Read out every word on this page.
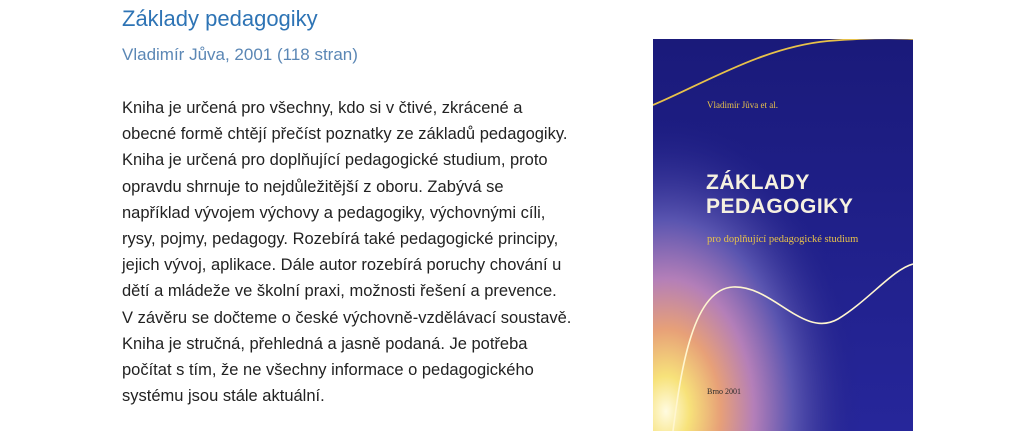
Základy pedagogiky
Vladimír Jůva, 2001 (118 stran)
Kniha je určená pro všechny, kdo si v čtivé, zkrácené a
obecné formě chtějí přečíst poznatky ze základů pedagogiky.
Kniha je určená pro doplňující pedagogické studium, proto
opravdu shrnuje to nejdůležitější z oboru. Zabývá se
například vývojem výchovy a pedagogiky, výchovnými cíli,
rysy, pojmy, pedagogy. Rozebírá také pedagogické principy,
jejich vývoj, aplikace. Dále autor rozebírá poruchy chování u
dětí a mládeže ve školní praxi, možnosti řešení a prevence.
V závěru se dočteme o české výchovně-vzdělávací soustavě.
Kniha je stručná, přehledná a jasně podaná. Je potřeba
počítat s tím, že ne všechny informace o pedagogického
systému jsou stále aktuální.
Vladimír Jůva et al.
ZÁKLADY
PEDAGOGIKY
pro doplňující pedagogické studium
Brno 2001
